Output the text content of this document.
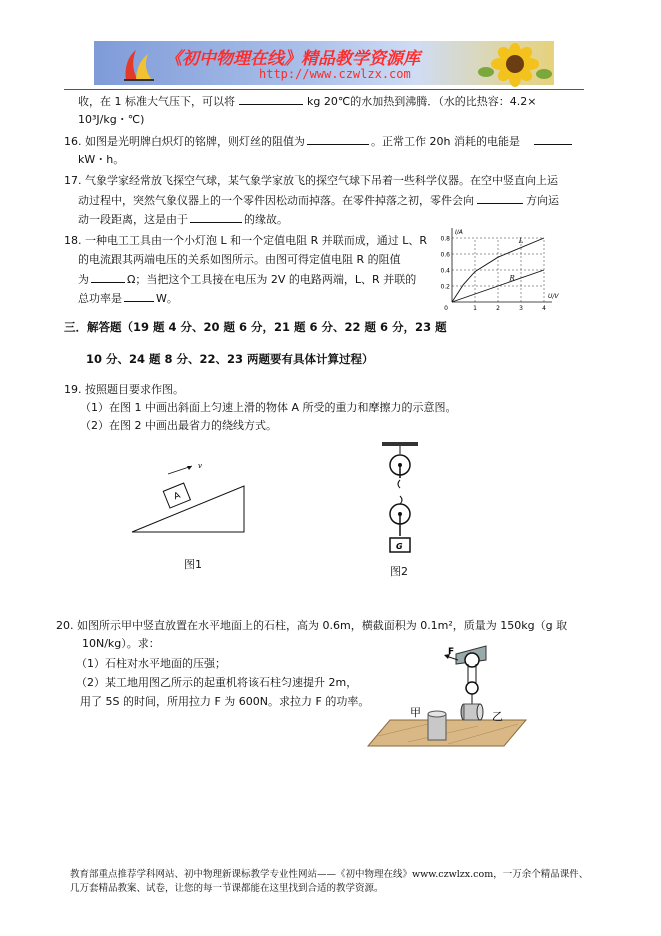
《初中物理在线》精品教学资源库
http://www.czwlzx.com
收，在 1 标准大气压下，可以将	kg 20℃的水加热到沸腾．（水的比热容：4.2×
10³J/kg・℃)
16. 如图是光明牌白炽灯的铭牌，则灯丝的阻值为	。正常工作 20h 消耗的电能是
kW・h。
17. 气象学家经常放飞探空气球，某气象学家放飞的探空气球下吊着一些科学仪器。在空中竖直向上运
动过程中，突然气象仪器上的一个零件因松动而掉落。在零件掉落之初，零件会向	方向运
动一段距离，这是由于	的缘故。
18. 一种电工工具由一个小灯泡 L 和一个定值电阻 R 并联而成，通过 L、R
的电流跟其两端电压的关系如图所示。由图可得定值电阻 R 的阻值
为	Ω；当把这个工具接在电压为 2V 的电路两端，L、R 并联的
总功率是	W。
0.2
0.4
0.6
0.8
0	1	2	3	4
U/V
I/A
L
R
三．解答题（19 题 4 分、20 题 6 分，21 题 6 分、22 题 6 分，23 题
10 分、24 题 8 分、22、23 两题要有具体计算过程）
19. 按照题目要求作图。
（1）在图 1 中画出斜面上匀速上滑的物体 A 所受的重力和摩擦力的示意图。
（2）在图 2 中画出最省力的绕线方式。
A
v
图1
G
图2
20. 如图所示甲中竖直放置在水平地面上的石柱，高为 0.6m，横截面积为 0.1m²，质量为 150kg（g 取
10N/kg）。求：
（1）石柱对水平地面的压强；
（2）某工地用图乙所示的起重机将该石柱匀速提升 2m，
用了 5S 的时间，所用拉力 F 为 600N。求拉力 F 的功率。
甲
F
乙
教育部重点推荐学科网站、初中物理新课标教学专业性网站——《初中物理在线》www.czwlzx.com，一万余个精品课件、
几万套精品教案、试卷，让您的每一节课都能在这里找到合适的教学资源。
